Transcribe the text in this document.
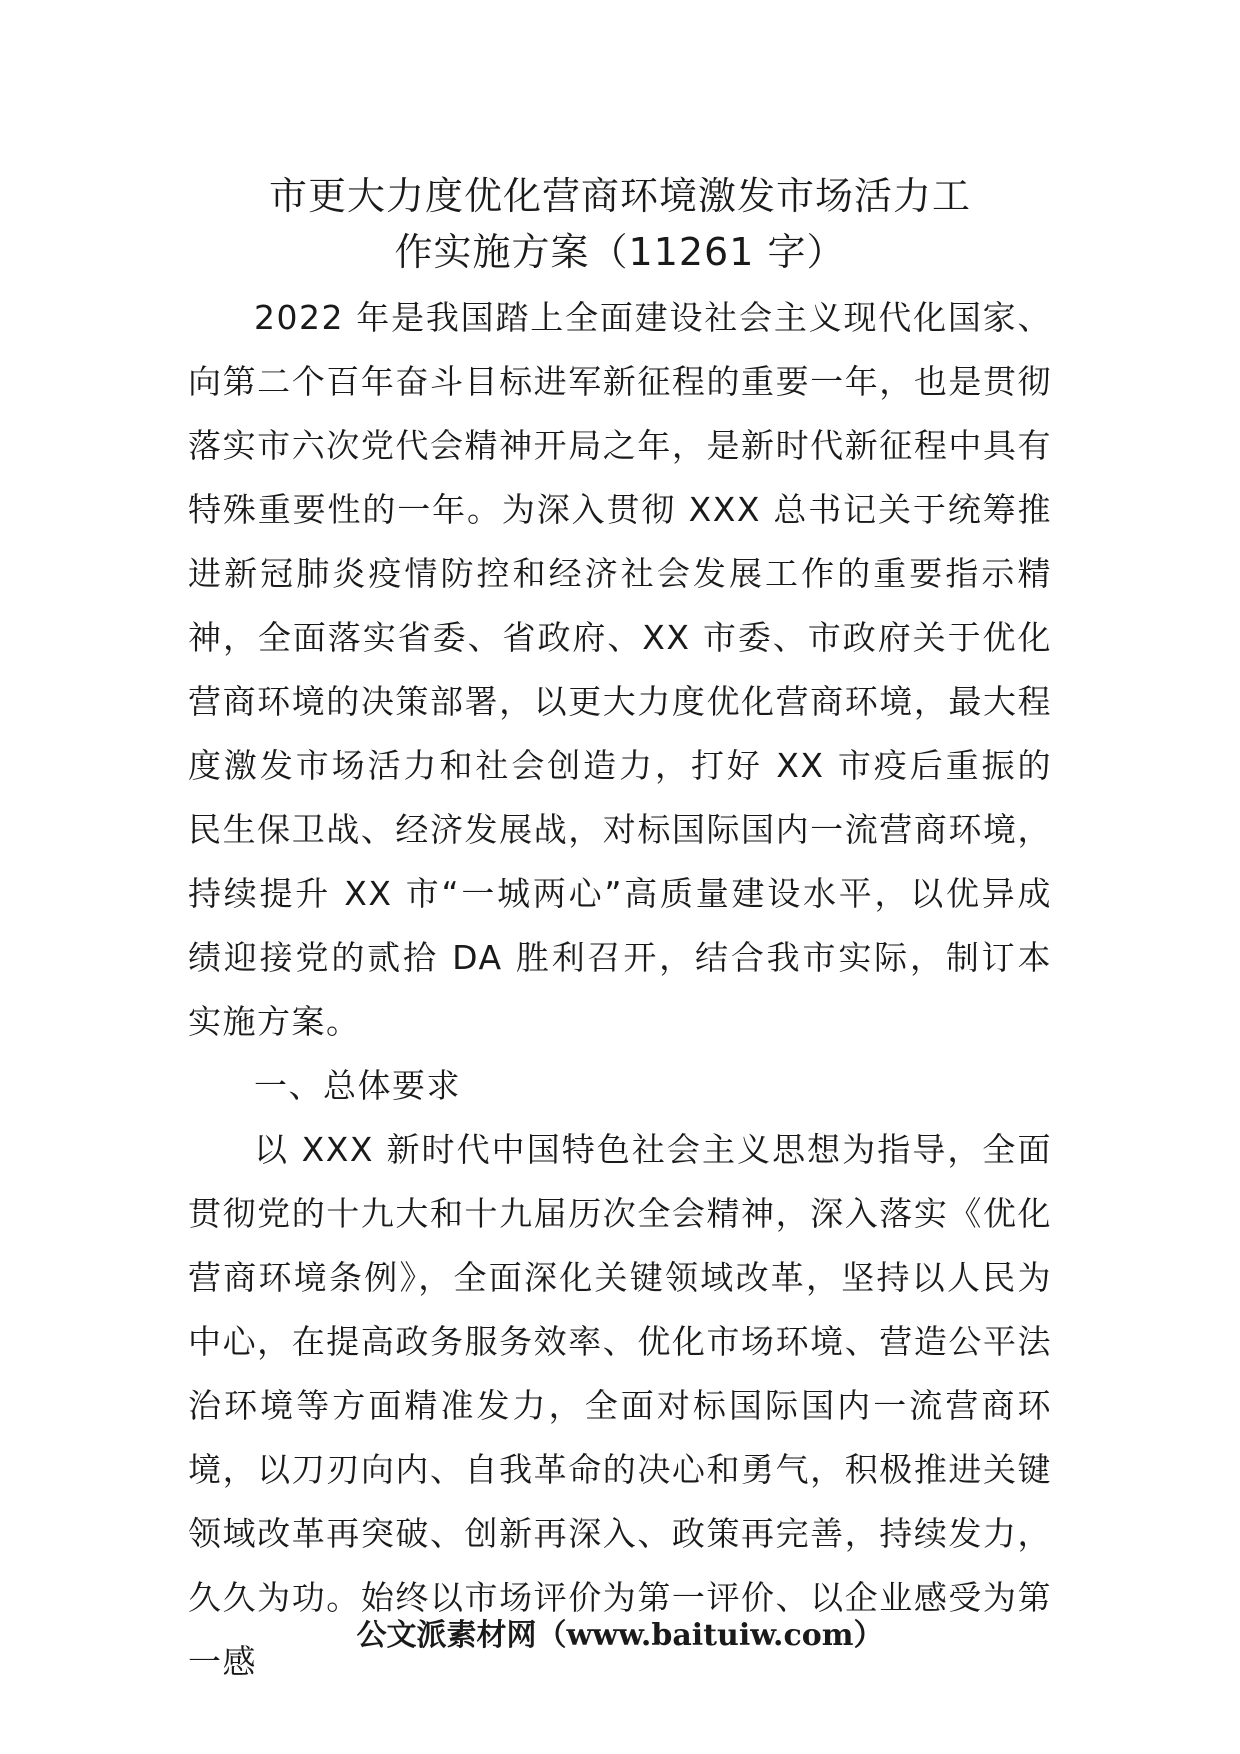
市更大力度优化营商环境激发市场活力工
作实施方案（11261 字）

2022 年是我国踏上全面建设社会主义现代化国家、向第二个百年奋斗目标进军新征程的重要一年，也是贯彻落实市六次党代会精神开局之年，是新时代新征程中具有特殊重要性的一年。为深入贯彻 XXX 总书记关于统筹推进新冠肺炎疫情防控和经济社会发展工作的重要指示精神，全面落实省委、省政府、XX 市委、市政府关于优化营商环境的决策部署，以更大力度优化营商环境，最大程度激发市场活力和社会创造力，打好 XX 市疫后重振的民生保卫战、经济发展战，对标国际国内一流营商环境，持续提升 XX 市“一城两心”高质量建设水平，以优异成绩迎接党的贰拾 DA 胜利召开，结合我市实际，制订本实施方案。

一、总体要求

以 XXX 新时代中国特色社会主义思想为指导，全面贯彻党的十九大和十九届历次全会精神，深入落实《优化营商环境条例》，全面深化关键领域改革，坚持以人民为中心，在提高政务服务效率、优化市场环境、营造公平法治环境等方面精准发力，全面对标国际国内一流营商环境，以刀刃向内、自我革命的决心和勇气，积极推进关键领域改革再突破、创新再深入、政策再完善，持续发力，久久为功。始终以市场评价为第一评价、以企业感受为第一感

公文派素材网（www.baituiw.com）
